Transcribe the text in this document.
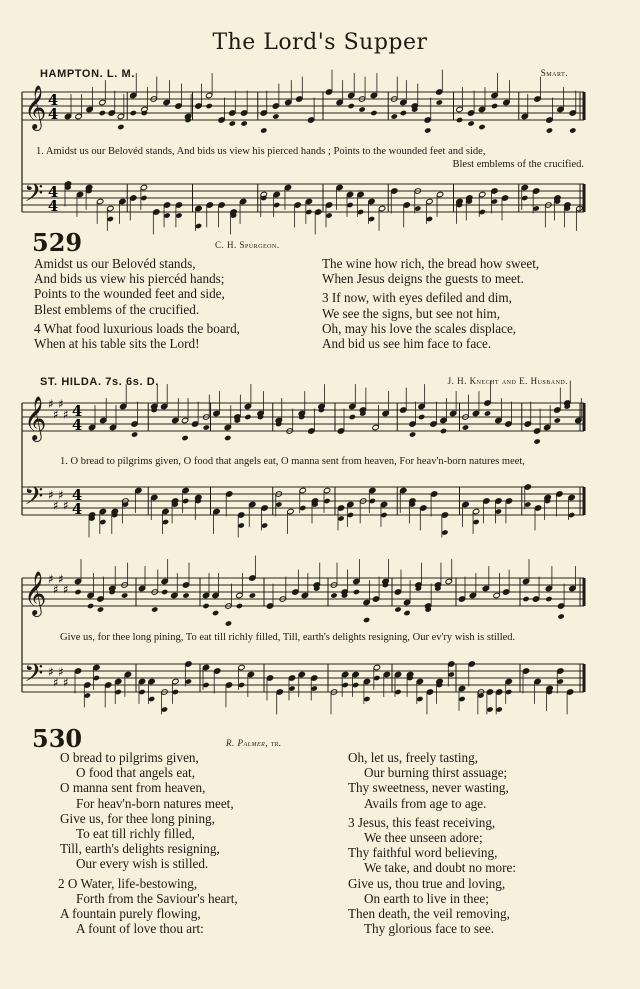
The Lord's Supper
HAMPTON. L. M.	Smart.
𝄞
𝄢
4
4
4
4
𝄞
𝄢
♯
♯
♯
♯
♯
♯
♯
♯
4
4
4
4
𝄞
𝄢
♯
♯
♯
♯
♯
♯
♯
♯
1. Amidst us our Belovéd stands, And bids us view his pierced hands ; Points to the wounded feet and side,
Blest emblems of the crucified.
529	C. H. Spurgeon.
Amidst us our Belovéd stands,
And bids us view his piercéd hands;
Points to the wounded feet and side,
Blest emblems of the crucified.
4 What food luxurious loads the board,
When at his table sits the Lord!
The wine how rich, the bread how sweet,
When Jesus deigns the guests to meet.
3 If now, with eyes defiled and dim,
We see the signs, but see not him,
Oh, may his love the scales displace,
And bid us see him face to face.
ST. HILDA. 7s. 6s. D.	J. H. Knecht and E. Husband.
1. O bread to pilgrims given, O food that angels eat, O manna sent from heaven, For heav'n-born natures meet,
Give us, for thee long pining, To eat till richly filled, Till, earth's delights resigning, Our ev'ry wish is stilled.
530	R. Palmer, tr.
O bread to pilgrims given,
O food that angels eat,
O manna sent from heaven,
For heav'n-born natures meet,
Give us, for thee long pining,
To eat till richly filled,
Till, earth's delights resigning,
Our every wish is stilled.
2 O Water, life-bestowing,
Forth from the Saviour's heart,
A fountain purely flowing,
A fount of love thou art:
Oh, let us, freely tasting,
Our burning thirst assuage;
Thy sweetness, never wasting,
Avails from age to age.
3 Jesus, this feast receiving,
We thee unseen adore;
Thy faithful word believing,
We take, and doubt no more:
Give us, thou true and loving,
On earth to live in thee;
Then death, the veil removing,
Thy glorious face to see.
